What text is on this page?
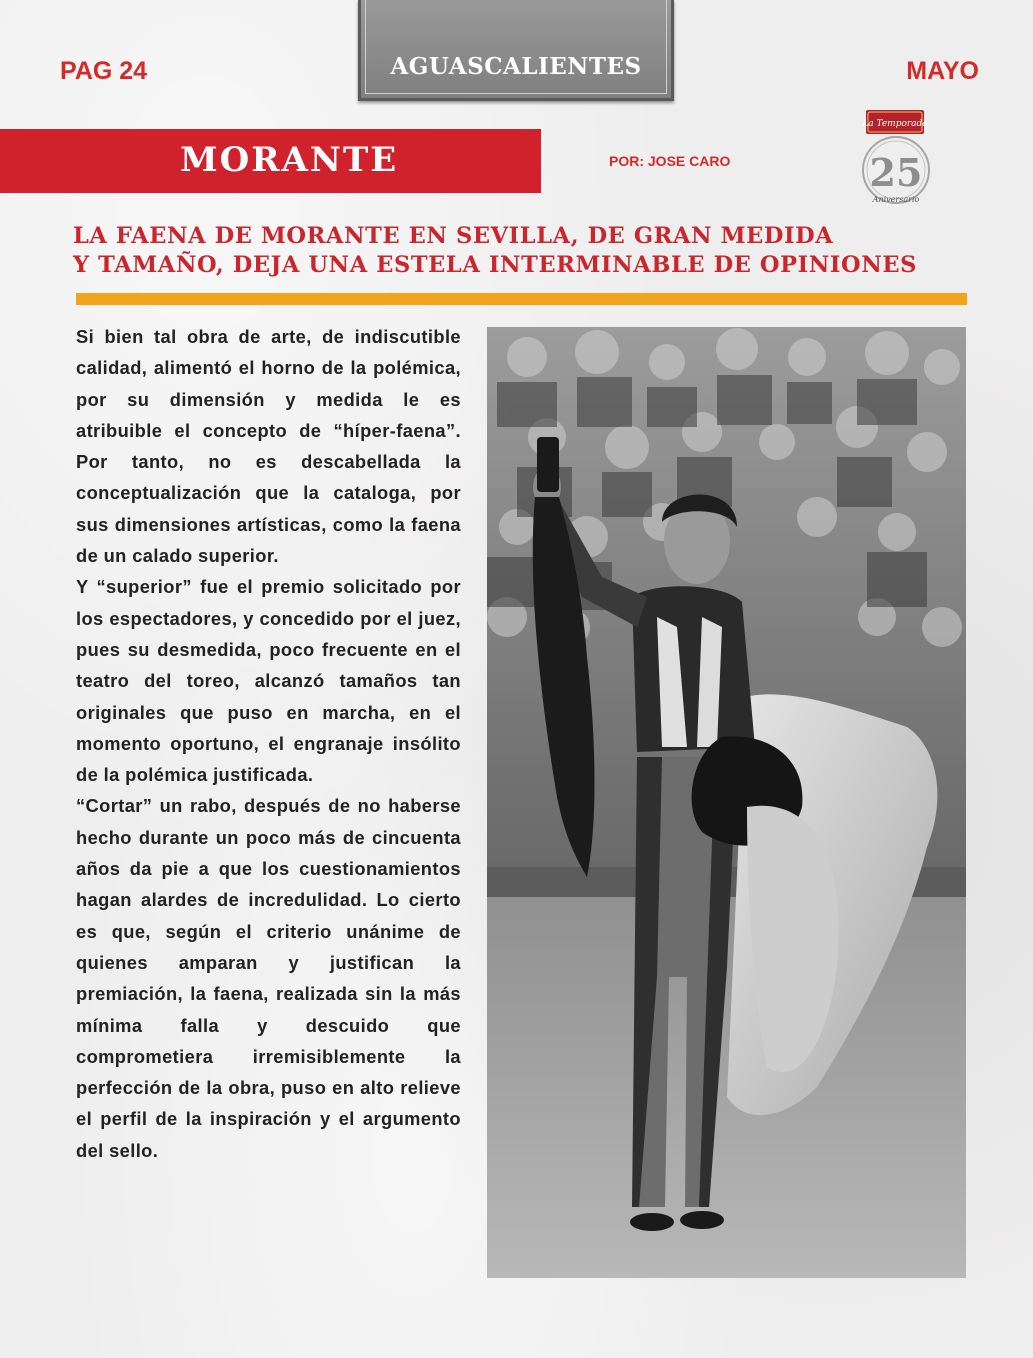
PAG 24	AGUASCALIENTES	MAYO
MORANTE	POR: JOSE CARO
La Temporada
25
Aniversario
LA FAENA DE MORANTE EN SEVILLA, DE GRAN MEDIDA
Y TAMAÑO, DEJA UNA ESTELA INTERMINABLE DE OPINIONES

Si bien tal obra de arte, de indiscutible calidad, alimentó el horno de la polémica, por su dimensión y medida le es atribuible el concepto de “híper-faena”. Por tanto, no es descabellada la conceptualización que la cataloga, por sus dimensiones artísticas, como la faena de un calado superior.

Y “superior” fue el premio solicitado por los espectadores, y concedido por el juez, pues su desmedida, poco frecuente en el teatro del toreo, alcanzó tamaños tan originales que puso en marcha, en el momento oportuno, el engranaje insólito de la polémica justificada.

“Cortar” un rabo, después de no haberse hecho durante un poco más de cincuenta años da pie a que los cuestionamientos hagan alardes de incredulidad. Lo cierto es que, según el criterio unánime de quienes amparan y justifican la premiación, la faena, realizada sin la más mínima falla y descuido que comprometiera irremisiblemente la perfección de la obra, puso en alto relieve el perfil de la inspiración y el argumento del sello.
